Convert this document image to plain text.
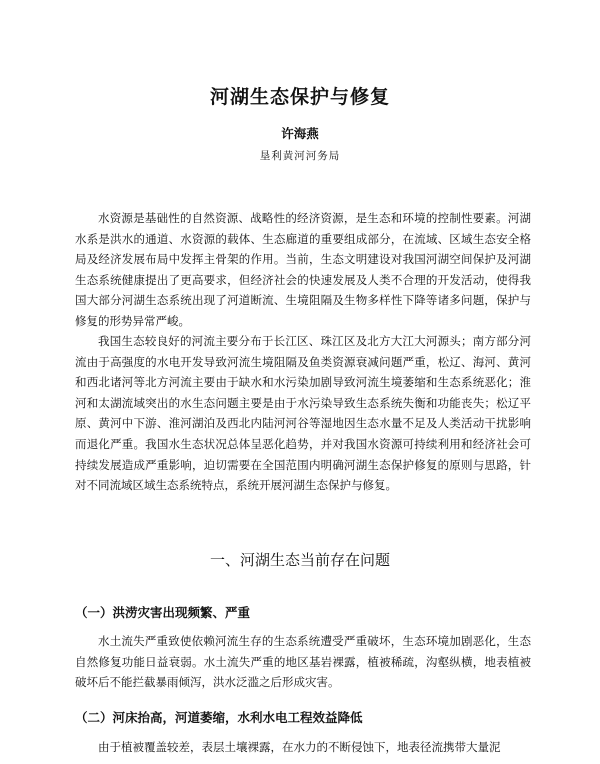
河湖生态保护与修复
许海燕
垦利黄河河务局

水资源是基础性的自然资源、战略性的经济资源，是生态和环境的控制性要素。河湖水系是洪水的通道、水资源的载体、生态廊道的重要组成部分，在流域、区域生态安全格局及经济发展布局中发挥主骨架的作用。当前，生态文明建设对我国河湖空间保护及河湖生态系统健康提出了更高要求，但经济社会的快速发展及人类不合理的开发活动，使得我国大部分河湖生态系统出现了河道断流、生境阻隔及生物多样性下降等诸多问题，保护与修复的形势异常严峻。

我国生态较良好的河流主要分布于长江区、珠江区及北方大江大河源头；南方部分河流由于高强度的水电开发导致河流生境阻隔及鱼类资源衰减问题严重，松辽、海河、黄河和西北诸河等北方河流主要由于缺水和水污染加剧导致河流生境萎缩和生态系统恶化；淮河和太湖流域突出的水生态问题主要是由于水污染导致生态系统失衡和功能丧失；松辽平原、黄河中下游、淮河湖泊及西北内陆河河谷等湿地因生态水量不足及人类活动干扰影响而退化严重。我国水生态状况总体呈恶化趋势，并对我国水资源可持续利用和经济社会可持续发展造成严重影响，迫切需要在全国范围内明确河湖生态保护修复的原则与思路，针对不同流域区域生态系统特点，系统开展河湖生态保护与修复。

一、河湖生态当前存在问题

（一）洪涝灾害出现频繁、严重

水土流失严重致使依赖河流生存的生态系统遭受严重破坏，生态环境加剧恶化，生态自然修复功能日益衰弱。水土流失严重的地区基岩裸露，植被稀疏，沟壑纵横，地表植被破坏后不能拦截暴雨倾泻，洪水泛滥之后形成灾害。

（二）河床抬高，河道萎缩，水利水电工程效益降低

由于植被覆盖较差，表层土壤裸露，在水力的不断侵蚀下，地表径流携带大量泥
